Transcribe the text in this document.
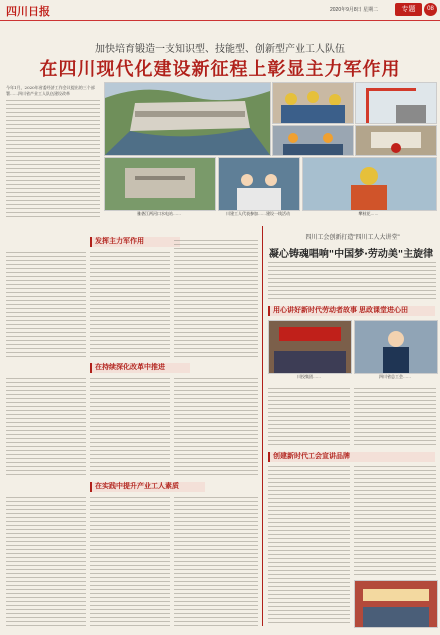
四川日报	2020年9月8日 星期二	专题	08
加快培育锻造一支知识型、技能型、创新型产业工人队伍
在四川现代化建设新征程上彰显主力军作用
今年1月，2020年省委经济工作会议提出的三个部署……四川省产业工人队伍建设改革
雅砻江两河口水电站……	川建工人代表参加……建设一线活动	攀枝花……
发挥主力军作用
在持续深化改革中推进
在实践中提升产业工人素质
四川工会创新打造"四川工人大讲堂"
凝心铸魂唱响"中国梦·劳动美"主旋律
用心讲好新时代劳动者故事 思政课堂进心田
川投集团……	四川省总工会……
创建新时代工会宣讲品牌
